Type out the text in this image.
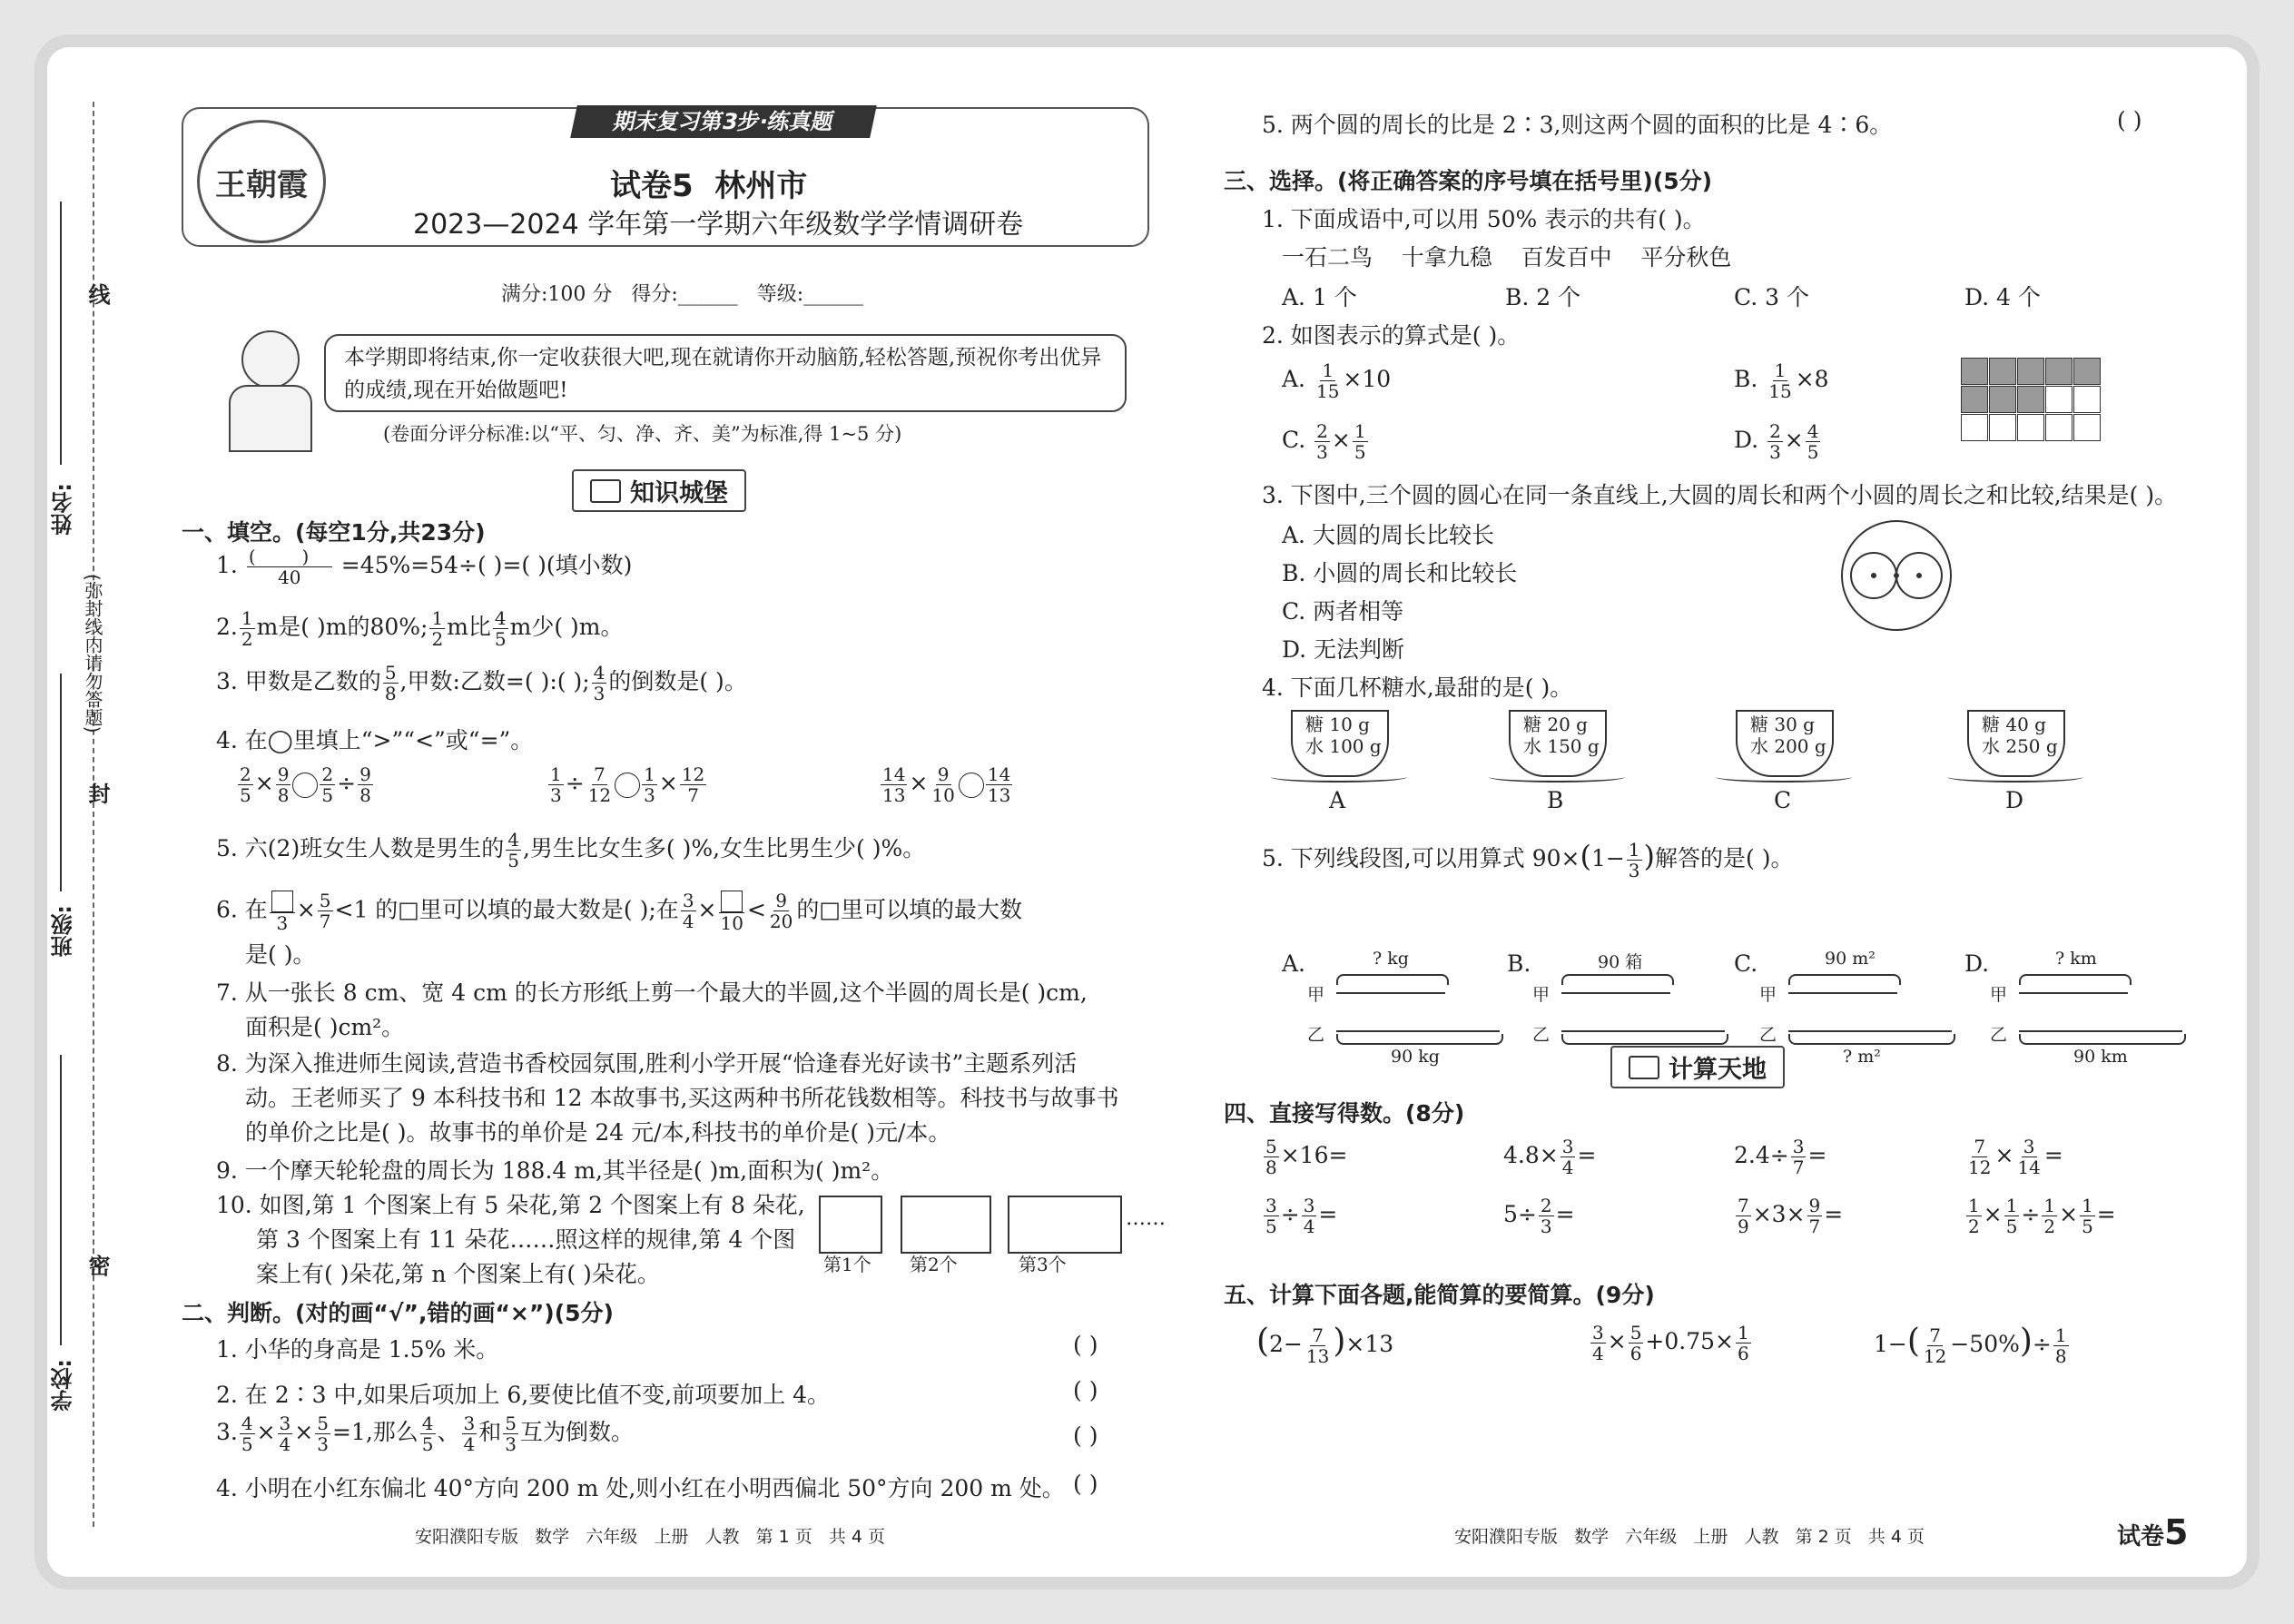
线
封
密
(弥封线内请勿答题)
姓名:
班级:
学校:
期末复习第3步·练真题
王朝霞	试卷5  林州市
2023—2024 学年第一学期六年级数学学情调研卷
满分:100 分   得分:______   等级:______
本学期即将结束,你一定收获很大吧,现在就请你开动脑筋,轻松答题,预祝你考出优异的成绩,现在开始做题吧!
(卷面分评分标准:以“平、匀、净、齐、美”为标准,得 1~5 分)
知识城堡
一、填空。(每空1分,共23分)
1. (        )
40 =45%=54÷( )=( )(填小数)
2. $\frac{1}{2}$ m是( )m的80%; $\frac{1}{2}$ m比 $\frac{4}{5}$ m少( )m。
3. 甲数是乙数的 $\frac{5}{8}$ ,甲数:乙数=( ):( ); $\frac{4}{3}$ 的倒数是( )。
4. 在◯里填上“>”“<”或“=”。
$\frac{2}{5} \times \frac{9}{8} \frac{2}{5} \div \frac{9}{8}$	$\frac{1}{3} \div \frac{7}{12} \frac{1}{3} \times \frac{12}{7}$	$\frac{14}{13} \times \frac{9}{10} \frac{14}{13}$
5. 六(2)班女生人数是男生的 $\frac{4}{5}$ ,男生比女生多( )%,女生比男生少( )%。
6. 在
3
× $\frac{5}{7} <1$ 的□里可以填的最大数是( );在 $\frac{3}{4}$ ×
10
< $\frac{9}{20}$ 的□里可以填的最大数
是( )。
7. 从一张长 8 cm、宽 4 cm 的长方形纸上剪一个最大的半圆,这个半圆的周长是( )cm,
面积是( )cm²。
8. 为深入推进师生阅读,营造书香校园氛围,胜利小学开展“恰逢春光好读书”主题系列活
动。王老师买了 9 本科技书和 12 本故事书,买这两种书所花钱数相等。科技书与故事书
的单价之比是( )。故事书的单价是 24 元/本,科技书的单价是( )元/本。
9. 一个摩天轮轮盘的周长为 188.4 m,其半径是( )m,面积为( )m²。
10. 如图,第 1 个图案上有 5 朵花,第 2 个图案上有 8 朵花,
第 3 个图案上有 11 朵花……照这样的规律,第 4 个图
案上有( )朵花,第 n 个图案上有( )朵花。	第1个 第2个	第3个
……
二、判断。(对的画“√”,错的画“×”)(5分)
1. 小华的身高是 1.5% 米。	( )
2. 在 2∶3 中,如果后项加上 6,要使比值不变,前项要加上 4。	( )
3. $\frac{4}{5} \times \frac{3}{4} \times \frac{5}{3} =1$,那么 $\frac{4}{5}$ 、 $\frac{3}{4}$ 和 $\frac{5}{3}$ 互为倒数。	( )
4. 小明在小红东偏北 40°方向 200 m 处,则小红在小明西偏北 50°方向 200 m 处。 ( )
安阳濮阳专版   数学   六年级   上册   人教   第 1 页   共 4 页
5. 两个圆的周长的比是 2∶3,则这两个圆的面积的比是 4∶6。	( )
三、选择。(将正确答案的序号填在括号里)(5分)
1. 下面成语中,可以用 50% 表示的共有( )。
一石二鸟    十拿九稳    百发百中    平分秋色
A. 1 个	B. 2 个	C. 3 个	D. 4 个
2. 如图表示的算式是( )。
A. $\frac{1}{15} \times 10$	B. $\frac{1}{15} \times 8$
C. $\frac{2}{3} \times \frac{1}{5}$	D. $\frac{2}{3} \times \frac{4}{5}$
3. 下图中,三个圆的圆心在同一条直线上,大圆的周长和两个小圆的周长之和比较,结果是( )。
A. 大圆的周长比较长
B. 小圆的周长和比较长
C. 两者相等
D. 无法判断
4. 下面几杯糖水,最甜的是( )。
糖 10 g
水 100 g
A
糖 20 g
水 150 g
B
糖 30 g
水 200 g
C
糖 40 g
水 250 g
D
5. 下列线段图,可以用算式 $90\times(1- \frac{1}{3}$ )解答的是( )。
A.	? kg
甲
乙
90 kg
B.	90 箱
甲
乙
C.	90 m²
甲
乙
? m²
D.	? km
甲
乙
90 km
计算天地
四、直接写得数。(8分)
$\frac{5}{8} \times 16=$	$4.8\times \frac{3}{4}$ =	$2.4\div \frac{3}{7}$ =	$\frac{7}{12} \times \frac{3}{14}$ =
$\frac{3}{5} \div \frac{3}{4}$ =	$5\div \frac{2}{3}$ =	$\frac{7}{9} \times 3\times \frac{9}{7}$ =	$\frac{1}{2} \times \frac{1}{5} \div \frac{1}{2} \times \frac{1}{5}$ =
五、计算下面各题,能简算的要简算。(9分)
$(2- \frac{7}{13} )\times 13$	$\frac{3}{4} \times \frac{5}{6} +0.75\times \frac{1}{6}$	$1-( \frac{7}{12} -50\%)\div \frac{1}{8}$
安阳濮阳专版   数学   六年级   上册   人教   第 2 页   共 4 页	试卷5
